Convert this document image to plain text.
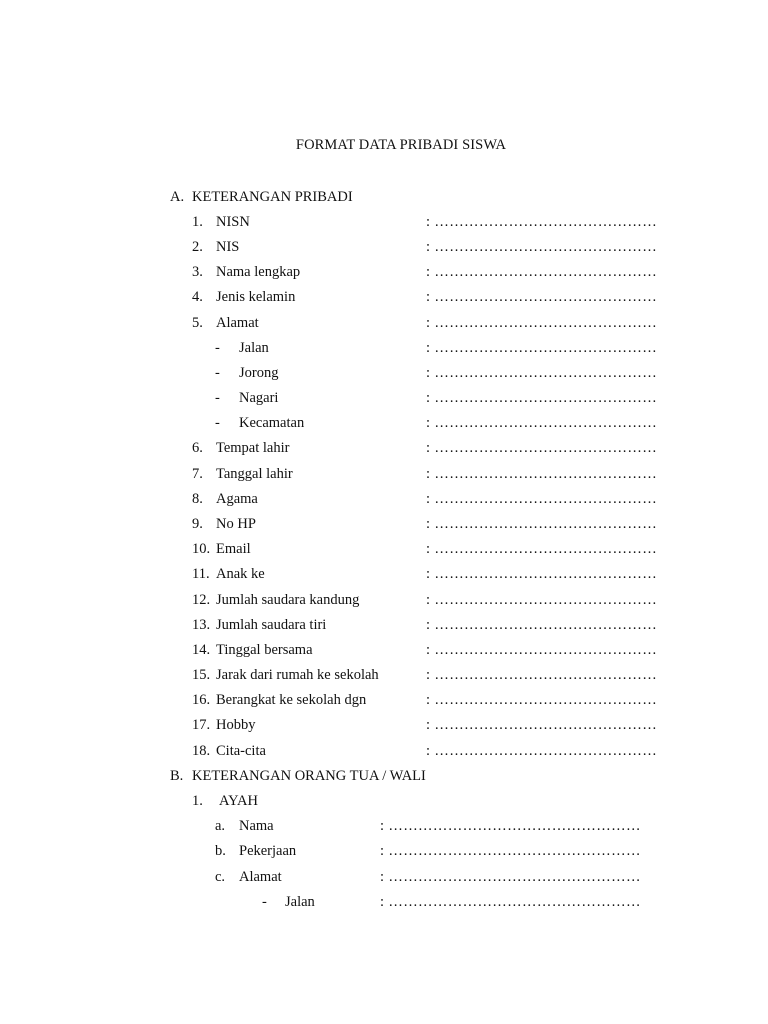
FORMAT DATA PRIBADI SISWA
A. KETERANGAN PRIBADI
1. NISN	: ………………………………………
2. NIS	: ………………………………………
3. Nama lengkap	: ………………………………………
4. Jenis kelamin	: ………………………………………
5. Alamat	: ………………………………………
- Jalan	: ………………………………………
- Jorong	: ………………………………………
- Nagari	: ………………………………………
- Kecamatan	: ………………………………………
6. Tempat lahir	: ………………………………………
7. Tanggal lahir	: ………………………………………
8. Agama	: ………………………………………
9. No HP	: ………………………………………
10. Email	: ………………………………………
11. Anak ke	: ………………………………………
12. Jumlah saudara kandung	: ………………………………………
13. Jumlah saudara tiri	: ………………………………………
14. Tinggal bersama	: ………………………………………
15. Jarak dari rumah ke sekolah	: ………………………………………
16. Berangkat ke sekolah dgn	: ………………………………………
17. Hobby	: ………………………………………
18. Cita-cita	: ………………………………………
B. KETERANGAN ORANG TUA / WALI
1. AYAH
a. Nama	: ……………………………………………
b. Pekerjaan	: ……………………………………………
c. Alamat	: ……………………………………………
- Jalan	: ……………………………………………
